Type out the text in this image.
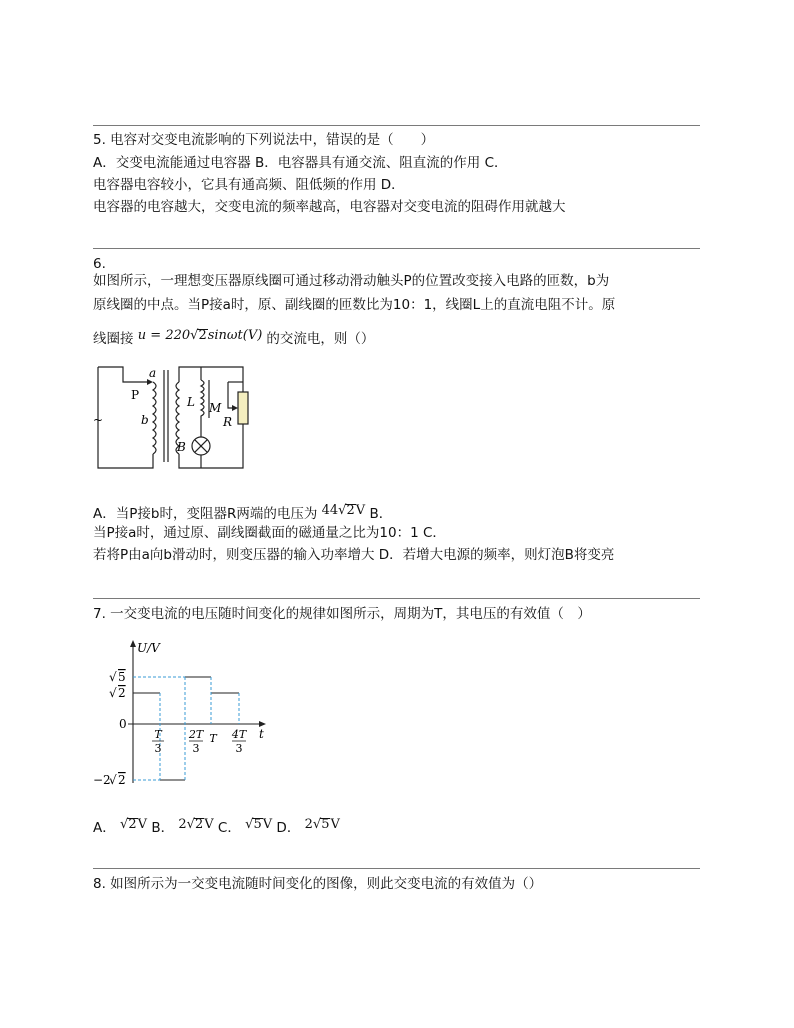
5. 电容对交变电流影响的下列说法中，错误的是（　　）
A．交变电流能通过电容器 B．电容器具有通交流、阻直流的作用 C．
电容器电容较小，它具有通高频、阻低频的作用 D．
电容器的电容越大，交变电流的频率越高，电容器对交变电流的阻碍作用就越大
6.
如图所示，一理想变压器原线圈可通过移动滑动触头P的位置改变接入电路的匝数，b为
原线圈的中点。当P接a时，原、副线圈的匝数比为10：1，线圈L上的直流电阻不计。原
线圈接 u = 220√2sinωt(V) 的交流电，则（）
a
P
b
~
L M
R
B
A．当P接b时，变阻器R两端的电压为 44√2V B．
当P接a时，通过原、副线圈截面的磁通量之比为10：1 C．
若将P由a向b滑动时，则变压器的输入功率增大 D．若增大电源的频率，则灯泡B将变亮
7. 一交变电流的电压随时间变化的规律如图所示，周期为T，其电压的有效值（　）
U/V
t
0
√ 5
√ 2
−2
√ 2
T
3
2T
3
T 4T
3
A． √2V B． 2√2V C． √5V D． 2√5V
8. 如图所示为一交变电流随时间变化的图像，则此交变电流的有效值为（）
